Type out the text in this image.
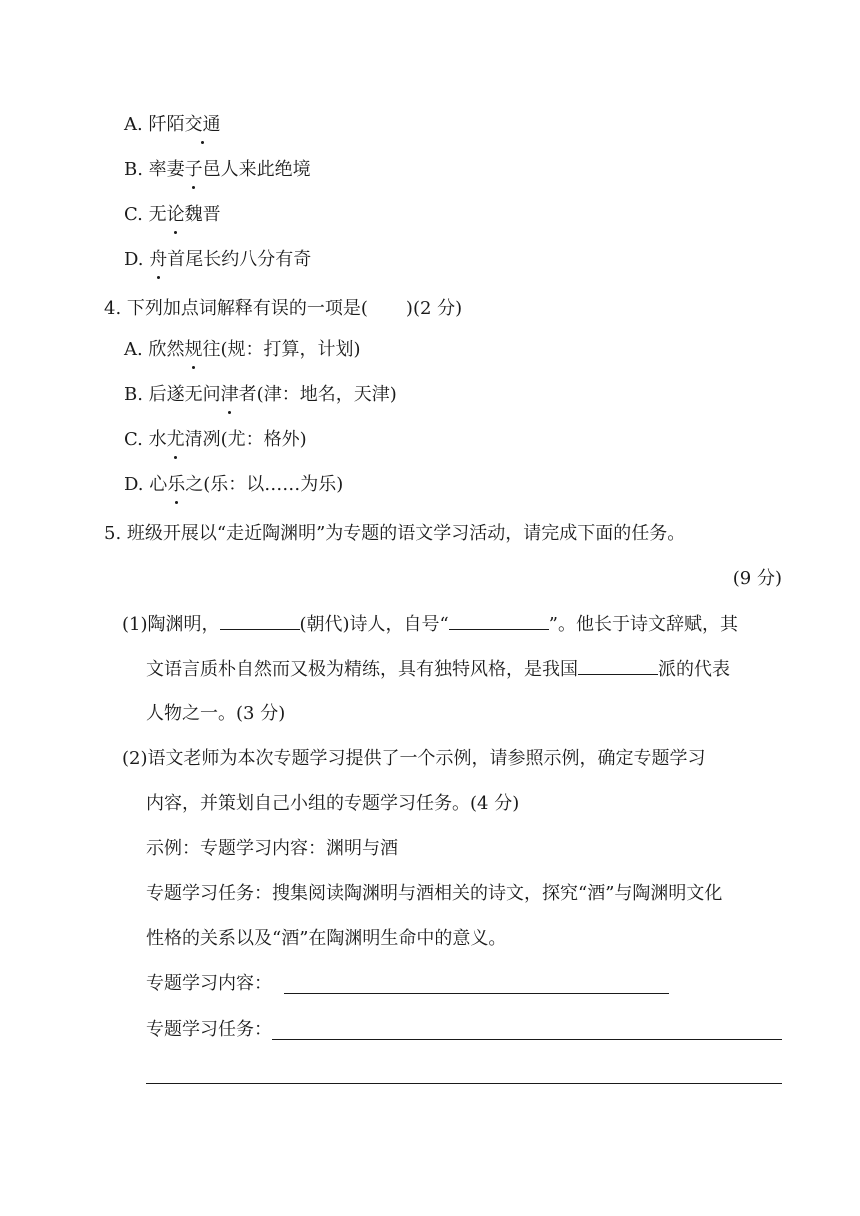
A. 阡陌交通
B. 率妻子邑人来此绝境
C. 无论魏晋
D. 舟首尾长约八分有奇
4. 下列加点词解释有误的一项是( )(2 分)
A. 欣然规往(规：打算，计划)
B. 后遂无问津者(津：地名，天津)
C. 水尤清冽(尤：格外)
D. 心乐之(乐：以……为乐)
5. 班级开展以“走近陶渊明”为专题的语文学习活动，请完成下面的任务。
(9 分)
(1)陶渊明，	(朝代)诗人，自号“	”。他长于诗文辞赋，其
文语言质朴自然而又极为精练，具有独特风格，是我国	派的代表
人物之一。(3 分)
(2)语文老师为本次专题学习提供了一个示例，请参照示例，确定专题学习
内容，并策划自己小组的专题学习任务。(4 分)
示例：专题学习内容：渊明与酒
专题学习任务：搜集阅读陶渊明与酒相关的诗文，探究“酒”与陶渊明文化
性格的关系以及“酒”在陶渊明生命中的意义。
专题学习内容：
专题学习任务：
